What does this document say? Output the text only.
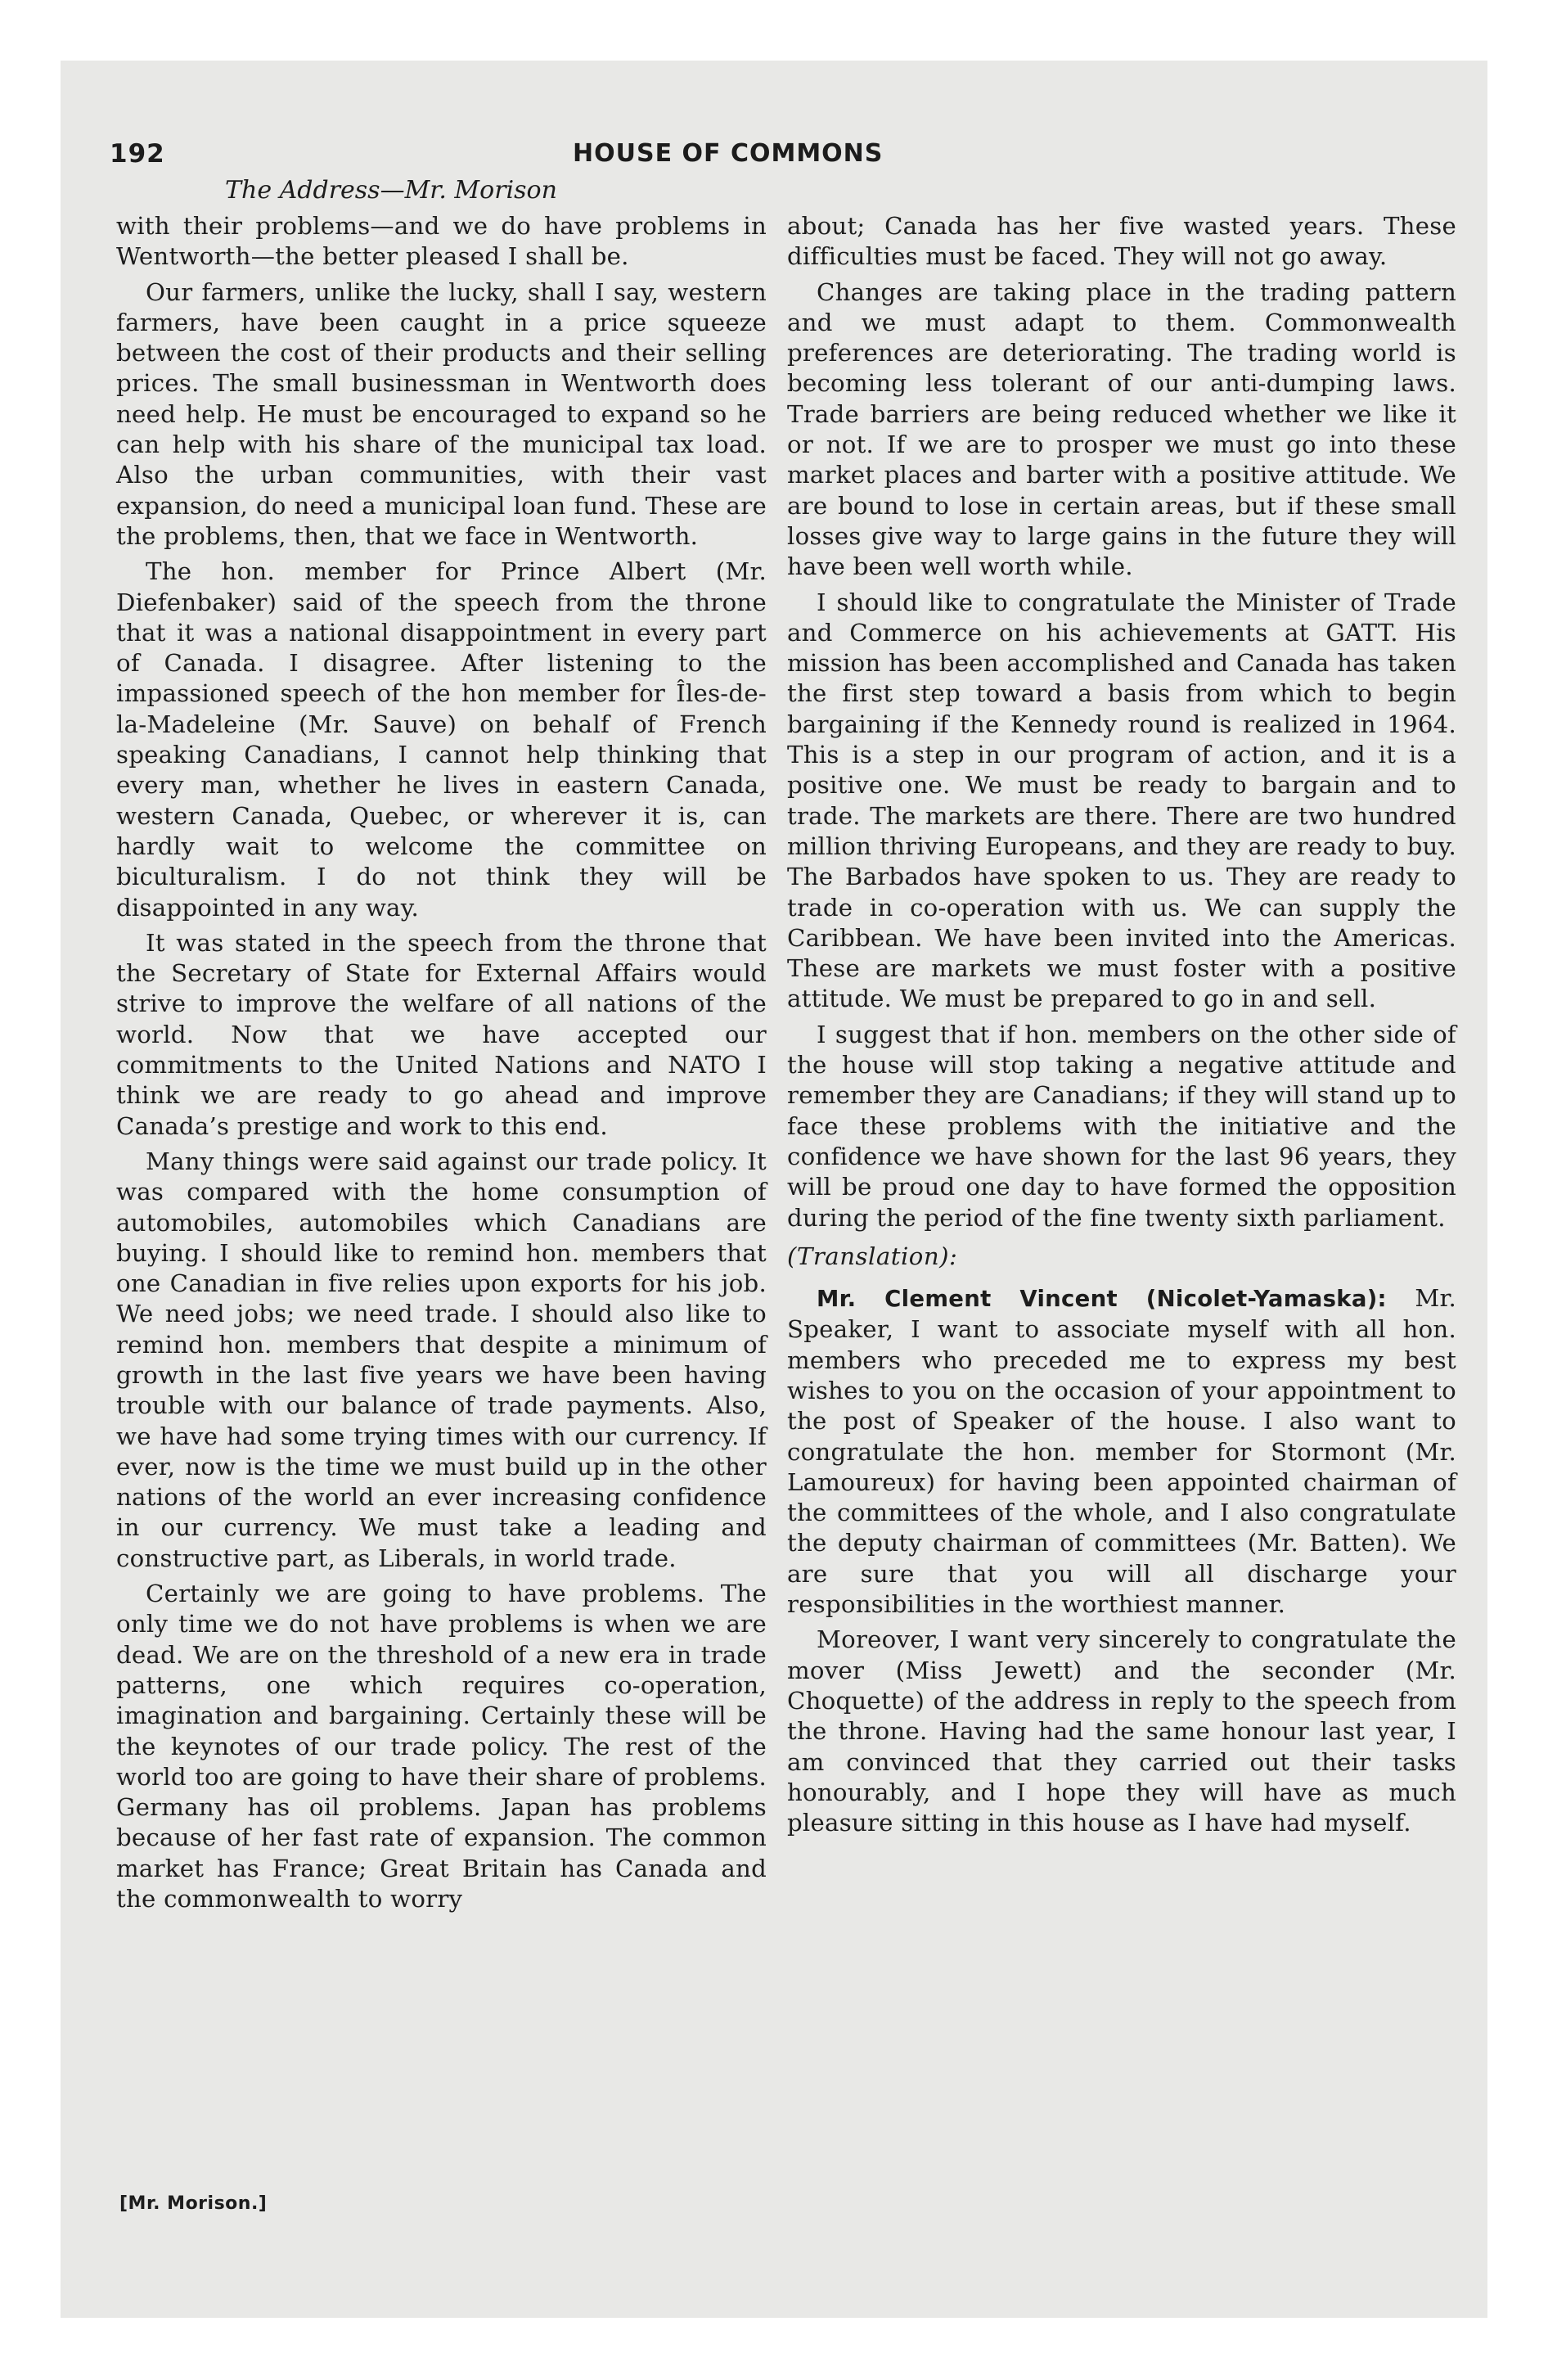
192	HOUSE OF COMMONS
The Address—Mr. Morison

with their problems—and we do have problems in Wentworth—the better pleased I shall be.

Our farmers, unlike the lucky, shall I say, western farmers, have been caught in a price squeeze between the cost of their products and their selling prices. The small businessman in Wentworth does need help. He must be encouraged to expand so he can help with his share of the municipal tax load. Also the urban communities, with their vast expansion, do need a municipal loan fund. These are the problems, then, that we face in Wentworth.

The hon. member for Prince Albert (Mr. Diefenbaker) said of the speech from the throne that it was a national disappointment in every part of Canada. I disagree. After listening to the impassioned speech of the hon member for Îles-de-la-Madeleine (Mr. Sauve) on behalf of French speaking Canadians, I cannot help thinking that every man, whether he lives in eastern Canada, western Canada, Quebec, or wherever it is, can hardly wait to welcome the committee on biculturalism. I do not think they will be disappointed in any way.

It was stated in the speech from the throne that the Secretary of State for External Affairs would strive to improve the welfare of all nations of the world. Now that we have accepted our commitments to the United Nations and NATO I think we are ready to go ahead and improve Canada’s prestige and work to this end.

Many things were said against our trade policy. It was compared with the home consumption of automobiles, automobiles which Canadians are buying. I should like to remind hon. members that one Canadian in five relies upon exports for his job. We need jobs; we need trade. I should also like to remind hon. members that despite a minimum of growth in the last five years we have been having trouble with our balance of trade payments. Also, we have had some trying times with our currency. If ever, now is the time we must build up in the other nations of the world an ever increasing confidence in our currency. We must take a leading and constructive part, as Liberals, in world trade.

Certainly we are going to have problems. The only time we do not have problems is when we are dead. We are on the threshold of a new era in trade patterns, one which requires co-operation, imagination and bargaining. Certainly these will be the keynotes of our trade policy. The rest of the world too are going to have their share of problems. Germany has oil problems. Japan has problems because of her fast rate of expansion. The common market has France; Great Britain has Canada and the commonwealth to worry

about; Canada has her five wasted years. These difficulties must be faced. They will not go away.

Changes are taking place in the trading pattern and we must adapt to them. Commonwealth preferences are deteriorating. The trading world is becoming less tolerant of our anti-dumping laws. Trade barriers are being reduced whether we like it or not. If we are to prosper we must go into these market places and barter with a positive attitude. We are bound to lose in certain areas, but if these small losses give way to large gains in the future they will have been well worth while.

I should like to congratulate the Minister of Trade and Commerce on his achievements at GATT. His mission has been accomplished and Canada has taken the first step toward a basis from which to begin bargaining if the Kennedy round is realized in 1964. This is a step in our program of action, and it is a positive one. We must be ready to bargain and to trade. The markets are there. There are two hundred million thriving Europeans, and they are ready to buy. The Barbados have spoken to us. They are ready to trade in co-operation with us. We can supply the Caribbean. We have been invited into the Americas. These are markets we must foster with a positive attitude. We must be prepared to go in and sell.

I suggest that if hon. members on the other side of the house will stop taking a negative attitude and remember they are Canadians; if they will stand up to face these problems with the initiative and the confidence we have shown for the last 96 years, they will be proud one day to have formed the opposition during the period of the fine twenty sixth parliament.

(Translation):

Mr. Clement Vincent (Nicolet-Yamaska): Mr. Speaker, I want to associate myself with all hon. members who preceded me to express my best wishes to you on the occasion of your appointment to the post of Speaker of the house. I also want to congratulate the hon. member for Stormont (Mr. Lamoureux) for having been appointed chairman of the committees of the whole, and I also congratulate the deputy chairman of committees (Mr. Batten). We are sure that you will all discharge your responsibilities in the worthiest manner.

Moreover, I want very sincerely to congratulate the mover (Miss Jewett) and the seconder (Mr. Choquette) of the address in reply to the speech from the throne. Having had the same honour last year, I am convinced that they carried out their tasks honourably, and I hope they will have as much pleasure sitting in this house as I have had myself.

[Mr. Morison.]
